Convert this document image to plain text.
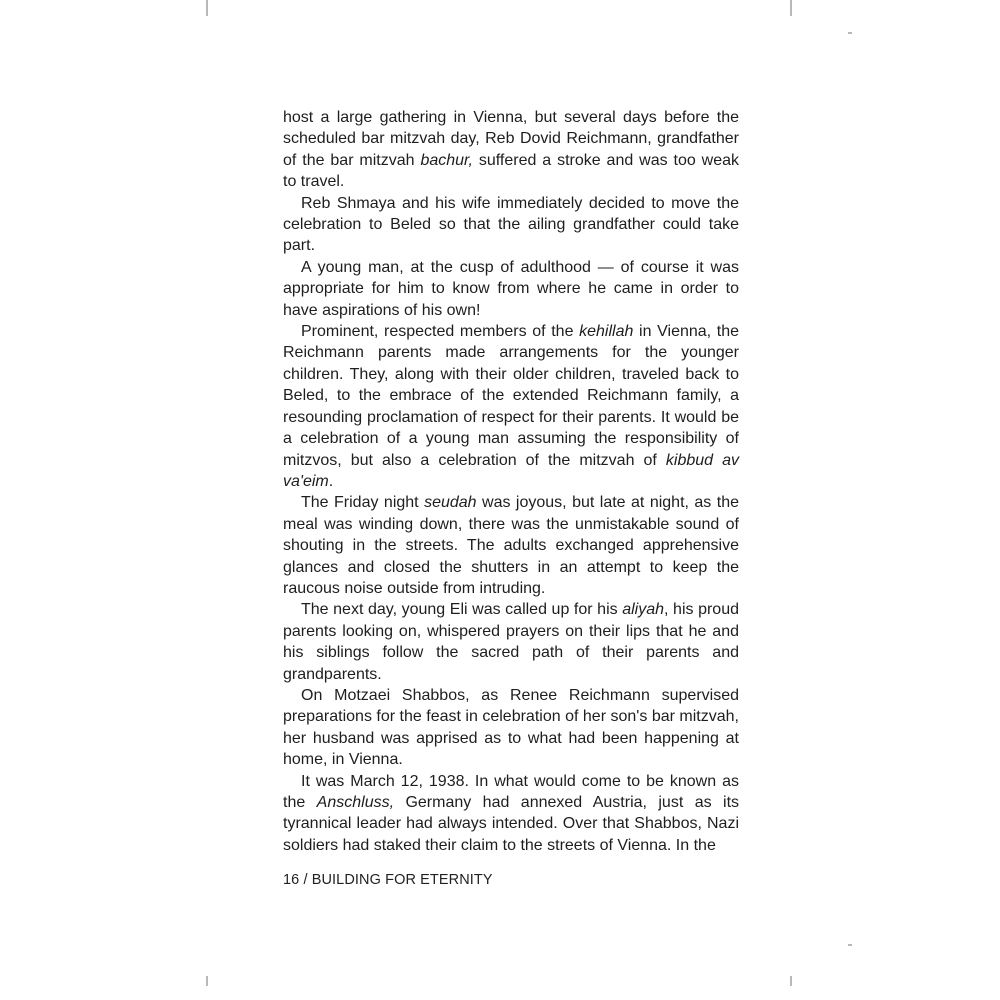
host a large gathering in Vienna, but several days before the scheduled bar mitzvah day, Reb Dovid Reichmann, grandfather of the bar mitzvah bachur, suffered a stroke and was too weak to travel.

Reb Shmaya and his wife immediately decided to move the celebration to Beled so that the ailing grandfather could take part.

A young man, at the cusp of adulthood — of course it was appropriate for him to know from where he came in order to have aspirations of his own!

Prominent, respected members of the kehillah in Vienna, the Reichmann parents made arrangements for the younger children. They, along with their older children, traveled back to Beled, to the embrace of the extended Reichmann family, a resounding proclamation of respect for their parents. It would be a celebration of a young man assuming the responsibility of mitzvos, but also a celebration of the mitzvah of kibbud av va'eim.

The Friday night seudah was joyous, but late at night, as the meal was winding down, there was the unmistakable sound of shouting in the streets. The adults exchanged apprehensive glances and closed the shutters in an attempt to keep the raucous noise outside from intruding.

The next day, young Eli was called up for his aliyah, his proud parents looking on, whispered prayers on their lips that he and his siblings follow the sacred path of their parents and grandparents.

On Motzaei Shabbos, as Renee Reichmann supervised preparations for the feast in celebration of her son's bar mitzvah, her husband was apprised as to what had been happening at home, in Vienna.

It was March 12, 1938. In what would come to be known as the Anschluss, Germany had annexed Austria, just as its tyrannical leader had always intended. Over that Shabbos, Nazi soldiers had staked their claim to the streets of Vienna. In the

16 / BUILDING FOR ETERNITY
